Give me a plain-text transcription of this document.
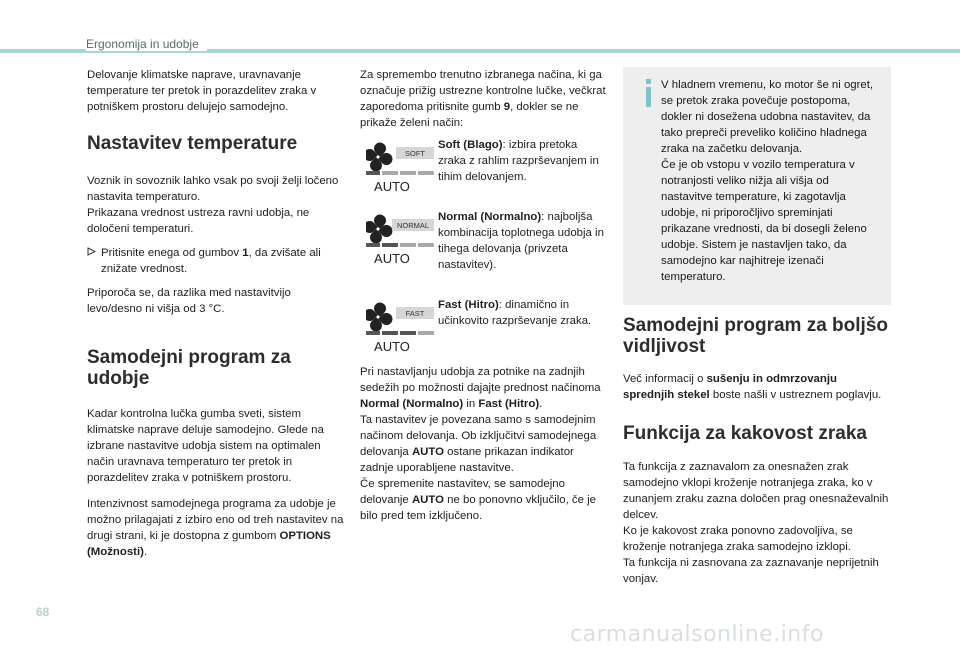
Ergonomija in udobje

Delovanje klimatske naprave, uravnavanje temperature ter pretok in porazdelitev zraka v potniškem prostoru delujejo samodejno.

Nastavitev temperature

Voznik in sovoznik lahko vsak po svoji želji ločeno nastavita temperaturo.

Prikazana vrednost ustreza ravni udobja, ne določeni temperaturi.

Pritisnite enega od gumbov 1, da zvišate ali znižate vrednost.

Priporoča se, da razlika med nastavitvijo levo/desno ni višja od 3 °C.

Samodejni program za udobje

Kadar kontrolna lučka gumba sveti, sistem klimatske naprave deluje samodejno. Glede na izbrane nastavitve udobja sistem na optimalen način uravnava temperaturo ter pretok in porazdelitev zraka v potniškem prostoru.

Intenzivnost samodejnega programa za udobje je možno prilagajati z izbiro eno od treh nastavitev na drugi strani, ki je dostopna z gumbom OPTIONS (Možnosti).

Za spremembo trenutno izbranega načina, ki ga označuje prižig ustrezne kontrolne lučke, večkrat zaporedoma pritisnite gumb 9, dokler se ne prikaže želeni način:

SOFT
AUTO
Soft (Blago): izbira pretoka zraka z rahlim razprševanjem in tihim delovanjem.
NORMAL
AUTO
Normal (Normalno): najboljša kombinacija toplotnega udobja in tihega delovanja (privzeta nastavitev).
FAST
AUTO
Fast (Hitro): dinamično in učinkovito razprševanje zraka.

Pri nastavljanju udobja za potnike na zadnjih sedežih po možnosti dajajte prednost načinoma Normal (Normalno) in Fast (Hitro).

Ta nastavitev je povezana samo s samodejnim načinom delovanja. Ob izključitvi samodejnega delovanja AUTO ostane prikazan indikator zadnje uporabljene nastavitve.

Če spremenite nastavitev, se samodejno delovanje AUTO ne bo ponovno vključilo, če je bilo pred tem izključeno.

V hladnem vremenu, ko motor še ni ogret, se pretok zraka povečuje postopoma, dokler ni dosežena udobna nastavitev, da tako prepreči preveliko količino hladnega zraka na začetku delovanja.

Če je ob vstopu v vozilo temperatura v notranjosti veliko nižja ali višja od nastavitve temperature, ki zagotavlja udobje, ni priporočljivo spreminjati prikazane vrednosti, da bi dosegli želeno udobje. Sistem je nastavljen tako, da samodejno kar najhitreje izenači temperaturo.

Samodejni program za boljšo vidljivost

Več informacij o sušenju in odmrzovanju sprednjih stekel boste našli v ustreznem poglavju.

Funkcija za kakovost zraka

Ta funkcija z zaznavalom za onesnažen zrak samodejno vklopi kroženje notranjega zraka, ko v zunanjem zraku zazna določen prag onesnaževalnih delcev.

Ko je kakovost zraka ponovno zadovoljiva, se kroženje notranjega zraka samodejno izklopi.

Ta funkcija ni zasnovana za zaznavanje neprijetnih vonjav.

68
carmanualsonline.info
